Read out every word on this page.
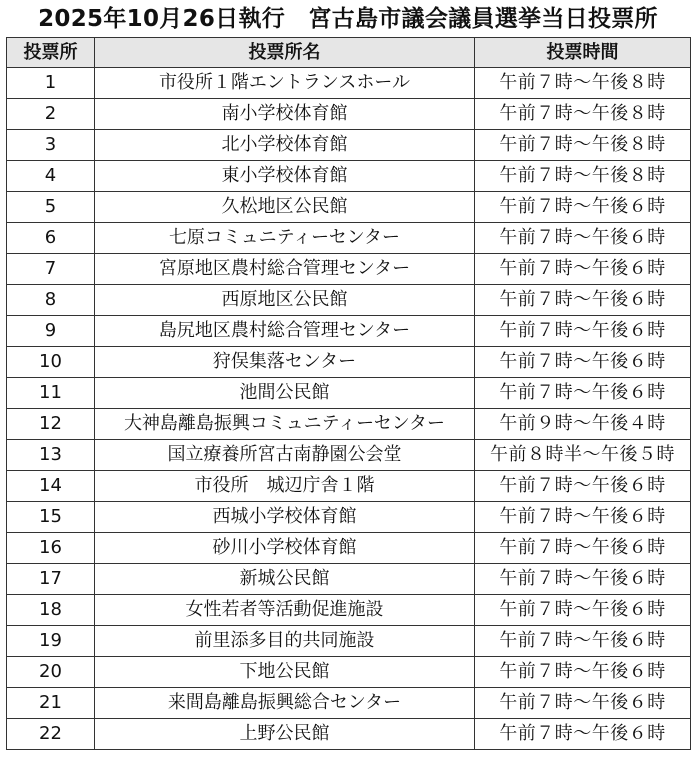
2025年10月26日執行　宮古島市議会議員選挙当日投票所
投票所	投票所名	投票時間
1	市役所１階エントランスホール	午前７時～午後８時
2	南小学校体育館	午前７時～午後８時
3	北小学校体育館	午前７時～午後８時
4	東小学校体育館	午前７時～午後８時
5	久松地区公民館	午前７時～午後６時
6	七原コミュニティーセンター	午前７時～午後６時
7	宮原地区農村総合管理センター	午前７時～午後６時
8	西原地区公民館	午前７時～午後６時
9	島尻地区農村総合管理センター	午前７時～午後６時
10	狩俣集落センター	午前７時～午後６時
11	池間公民館	午前７時～午後６時
12	大神島離島振興コミュニティーセンター	午前９時～午後４時
13	国立療養所宮古南静園公会堂	午前８時半～午後５時
14	市役所　城辺庁舎１階	午前７時～午後６時
15	西城小学校体育館	午前７時～午後６時
16	砂川小学校体育館	午前７時～午後６時
17	新城公民館	午前７時～午後６時
18	女性若者等活動促進施設	午前７時～午後６時
19	前里添多目的共同施設	午前７時～午後６時
20	下地公民館	午前７時～午後６時
21	来間島離島振興総合センター	午前７時～午後６時
22	上野公民館	午前７時～午後６時
